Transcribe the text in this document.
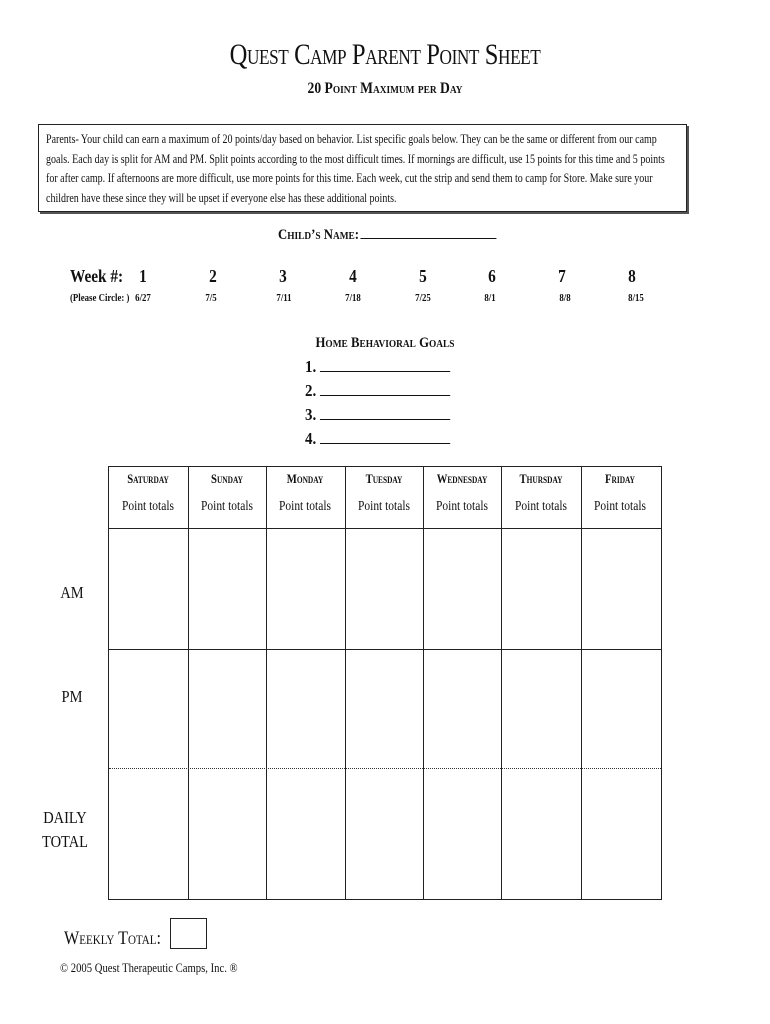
Quest Camp Parent Point Sheet
20 Point Maximum per Day
Parents- Your child can earn a maximum of 20 points/day based on behavior. List specific goals below. They can be the same or different from our camp goals. Each day is split for AM and PM. Split points according to the most difficult times. If mornings are difficult, use 15 points for this time and 5 points for after camp. If afternoons are more difficult, use more points for this time. Each week, cut the strip and send them to camp for Store. Make sure your children have these since they will be upset if everyone else has these additional points.
Child’s Name:
Week #: 1	2	3	4	5	6	7	8
(Please Circle: ) 6/27	7/5	7/11	7/18	7/25	8/1	8/8	8/15
Home Behavioral Goals
1.
2.
3.
4.
Saturday	Sunday	Monday	Tuesday	Wednesday	Thursday	Friday
Point totals	Point totals	Point totals	Point totals	Point totals	Point totals	Point totals
AM
PM
DAILY
TOTAL
Weekly Total:
© 2005 Quest Therapeutic Camps, Inc. ®
